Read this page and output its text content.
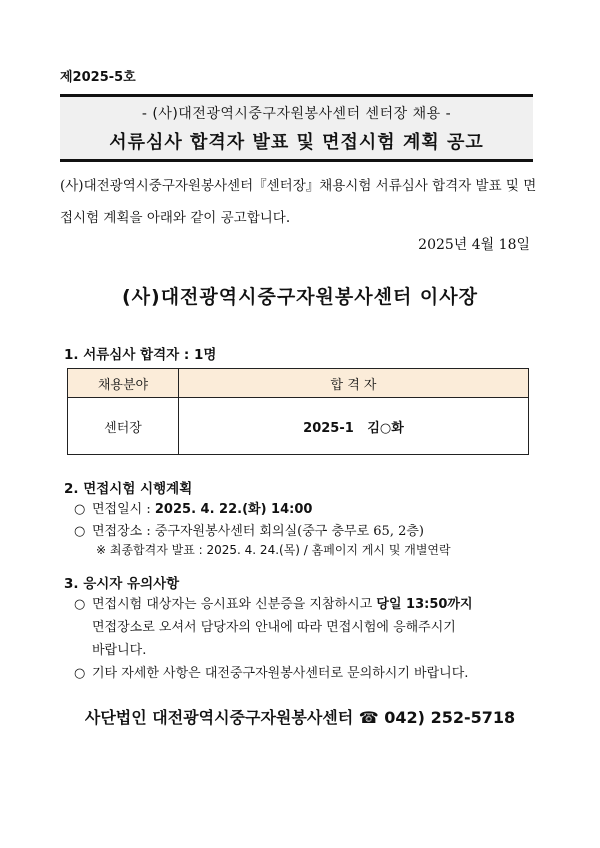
제2025-5호
- (사)대전광역시중구자원봉사센터 센터장 채용 -
서류심사 합격자 발표 및 면접시험 계획 공고
(사)대전광역시중구자원봉사센터『센터장』채용시험 서류심사 합격자 발표 및 면접시험 계획을 아래와 같이 공고합니다.
2025년 4월 18일
(사)대전광역시중구자원봉사센터 이사장
1. 서류심사 합격자 : 1명
채용분야	합 격 자
센터장	2025-1   김○화
2. 면접시험 시행계획
○ 면접일시 : 2025. 4. 22.(화) 14:00
○ 면접장소 : 중구자원봉사센터 회의실(중구 충무로 65, 2층)
※ 최종합격자 발표 : 2025. 4. 24.(목) / 홈페이지 게시 및 개별연락
3. 응시자 유의사항
○ 면접시험 대상자는 응시표와 신분증을 지참하시고 당일 13:50까지
면접장소로 오셔서 담당자의 안내에 따라 면접시험에 응해주시기
바랍니다.
○ 기타 자세한 사항은 대전중구자원봉사센터로 문의하시기 바랍니다.
사단법인 대전광역시중구자원봉사센터 ☎ 042) 252-5718
